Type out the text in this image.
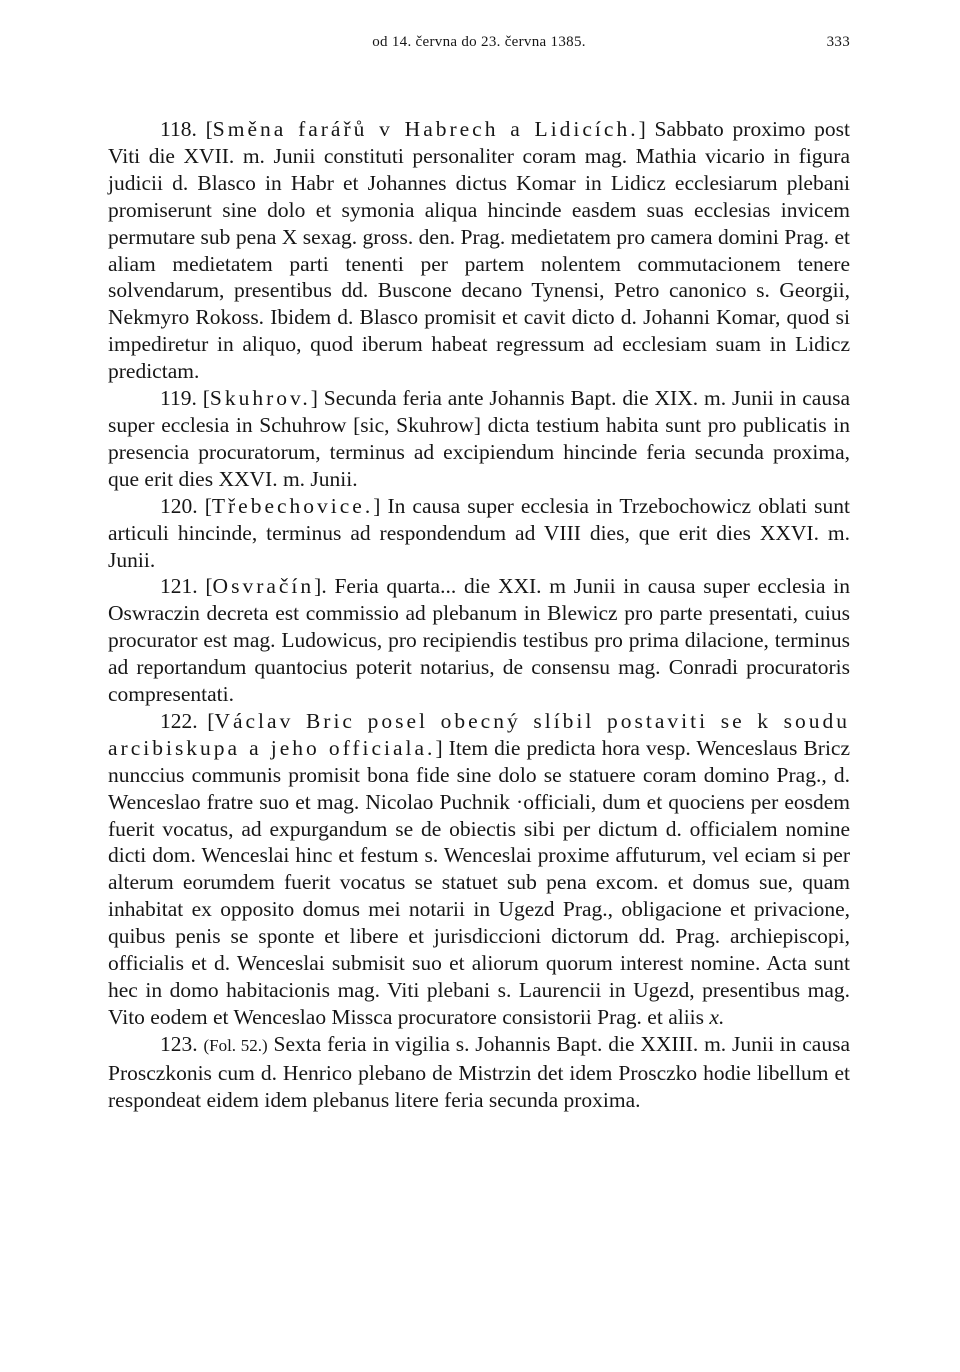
od 14. června do 23. června 1385.	333

118. [Směna farářů v Habrech a Lidicích.] Sabbato proximo post Viti die XVII. m. Junii constituti personaliter coram mag. Mathia vicario in figura judicii d. Blasco in Habr et Johannes dictus Komar in Lidicz ecclesiarum plebani promiserunt sine dolo et symonia aliqua hincinde easdem suas ecclesias invicem permutare sub pena X sexag. gross. den. Prag. medietatem pro camera domini Prag. et aliam medietatem parti tenenti per partem nolentem commutacionem tenere solvendarum, presentibus dd. Buscone decano Tynensi, Petro canonico s. Georgii, Nekmyro Rokoss. Ibidem d. Blasco promisit et cavit dicto d. Johanni Komar, quod si impediretur in aliquo, quod iberum habeat regressum ad ecclesiam suam in Lidicz predictam.

119. [Skuhrov.] Secunda feria ante Johannis Bapt. die XIX. m. Junii in causa super ecclesia in Schuhrow [sic, Skuhrow] dicta testium habita sunt pro publicatis in presencia procuratorum, terminus ad excipiendum hincinde feria secunda proxima, que erit dies XXVI. m. Junii.

120. [Třebechovice.] In causa super ecclesia in Trzebochowicz oblati sunt articuli hincinde, terminus ad respondendum ad VIII dies, que erit dies XXVI. m. Junii.

121. [Osvračín]. Feria quarta... die XXI. m Junii in causa super ecclesia in Oswraczin decreta est commissio ad plebanum in Blewicz pro parte presentati, cuius procurator est mag. Ludowicus, pro recipiendis testibus pro prima dilacione, terminus ad reportandum quantocius poterit notarius, de consensu mag. Conradi procuratoris compresentati.

122. [Václav Bric posel obecný slíbil postaviti se k soudu arcibiskupa a jeho officiala.] Item die predicta hora vesp. Wenceslaus Bricz nunccius communis promisit bona fide sine dolo se statuere coram domino Prag., d. Wenceslao fratre suo et mag. Nicolao Puchnik ·officiali, dum et quociens per eosdem fuerit vocatus, ad expurgandum se de obiectis sibi per dictum d. officialem nomine dicti dom. Wenceslai hinc et festum s. Wenceslai proxime affuturum, vel eciam si per alterum eorumdem fuerit vocatus se statuet sub pena excom. et domus sue, quam inhabitat ex opposito domus mei notarii in Ugezd Prag., obligacione et privacione, quibus penis se sponte et libere et jurisdiccioni dictorum dd. Prag. archiepiscopi, officialis et d. Wenceslai submisit suo et aliorum quorum interest nomine. Acta sunt hec in domo habitacionis mag. Viti plebani s. Laurencii in Ugezd, presentibus mag. Vito eodem et Wenceslao Missca procuratore consistorii Prag. et aliis x.

123. (Fol. 52.) Sexta feria in vigilia s. Johannis Bapt. die XXIII. m. Junii in causa Prosczkonis cum d. Henrico plebano de Mistrzin det idem Prosczko hodie libellum et respondeat eidem idem plebanus litere feria secunda proxima.
